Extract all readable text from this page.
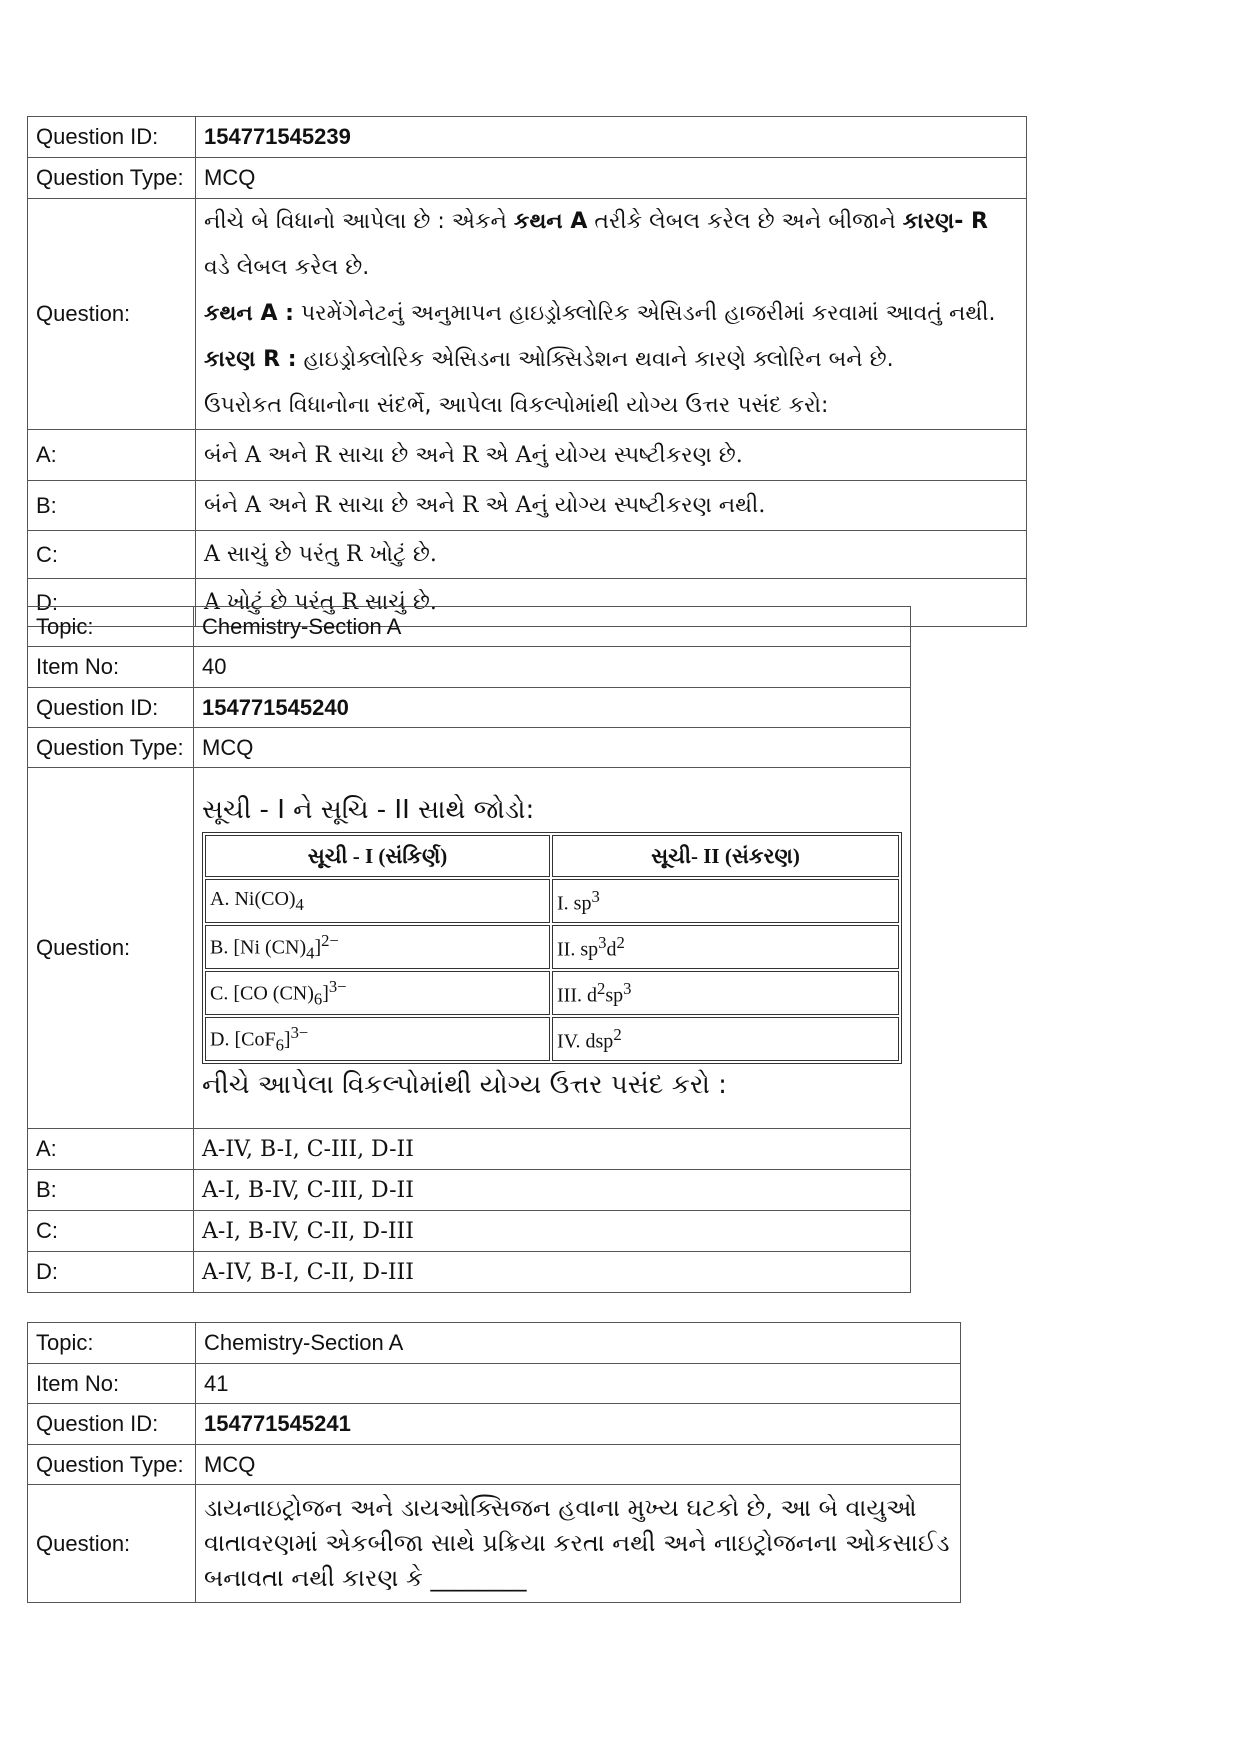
Question ID:	154771545239
Question Type:	MCQ
Question:	નીચે બે વિધાનો આપેલા છે : એકને કથન A તરીકે લેબલ કરેલ છે અને બીજાને કારણ- R વડે લેબલ કરેલ છે.
કથન A : પરમેંગેનેટનું અનુમાપન હાઇડ્રોક્લોરિક એસિડની હાજરીમાં કરવામાં આવતું નથી.
કારણ R : હાઇડ્રોક્લોરિક એસિડના ઓક્સિડેશન થવાને કારણે ક્લોરિન બને છે.
ઉપરોકત વિધાનોના સંદર્ભે, આપેલા વિકલ્પોમાંથી યોગ્ય ઉત્તર પસંદ કરો:

A:	બંને A અને R સાચા છે અને R એ Aનું યોગ્ય સ્પષ્ટીકરણ છે.
B:	બંને A અને R સાચા છે અને R એ Aનું યોગ્ય સ્પષ્ટીકરણ નથી.
C:	A સાચું છે પરંતુ R ખોટું છે.
D:	A ખોટું છે પરંતુ R સાચું છે.
Topic:	Chemistry-Section A
Item No:	40
Question ID:	154771545240
Question Type:	MCQ
Question:	
સૂચી - I ને સૂચિ - II સાથે જોડો:
સૂચી - I (સંકિર્ણ)	સૂચી- II (સંકરણ)
A. $Ni(CO)_4$	I. $sp^3$
B. [Ni $(CN)_4]^{2-}$	II. $sp^3d^2$
C. [CO $(CN)_6]^{3-}$	III. $d^2sp^3$
D. $[CoF_6]^{3-}$	IV. dsp$^2$
નીચે આપેલા વિકલ્પોમાંથી યોગ્ય ઉત્તર પસંદ કરો :

A:	A-IV, B-I, C-III, D-II
B:	A-I, B-IV, C-III, D-II
C:	A-I, B-IV, C-II, D-III
D:	A-IV, B-I, C-II, D-III
Topic:	Chemistry-Section A
Item No:	41
Question ID:	154771545241
Question Type:	MCQ
Question:	ડાયનાઇટ્રોજન અને ડાયઓક્સિજન હવાના મુખ્ય ઘટકો છે, આ બે વાયુઓ
વાતાવરણમાં એકબીજા સાથે પ્રક્રિયા કરતા નથી અને નાઇટ્રોજનના ઓકસાઈડ
બનાવતા નથી કારણ કે ________
